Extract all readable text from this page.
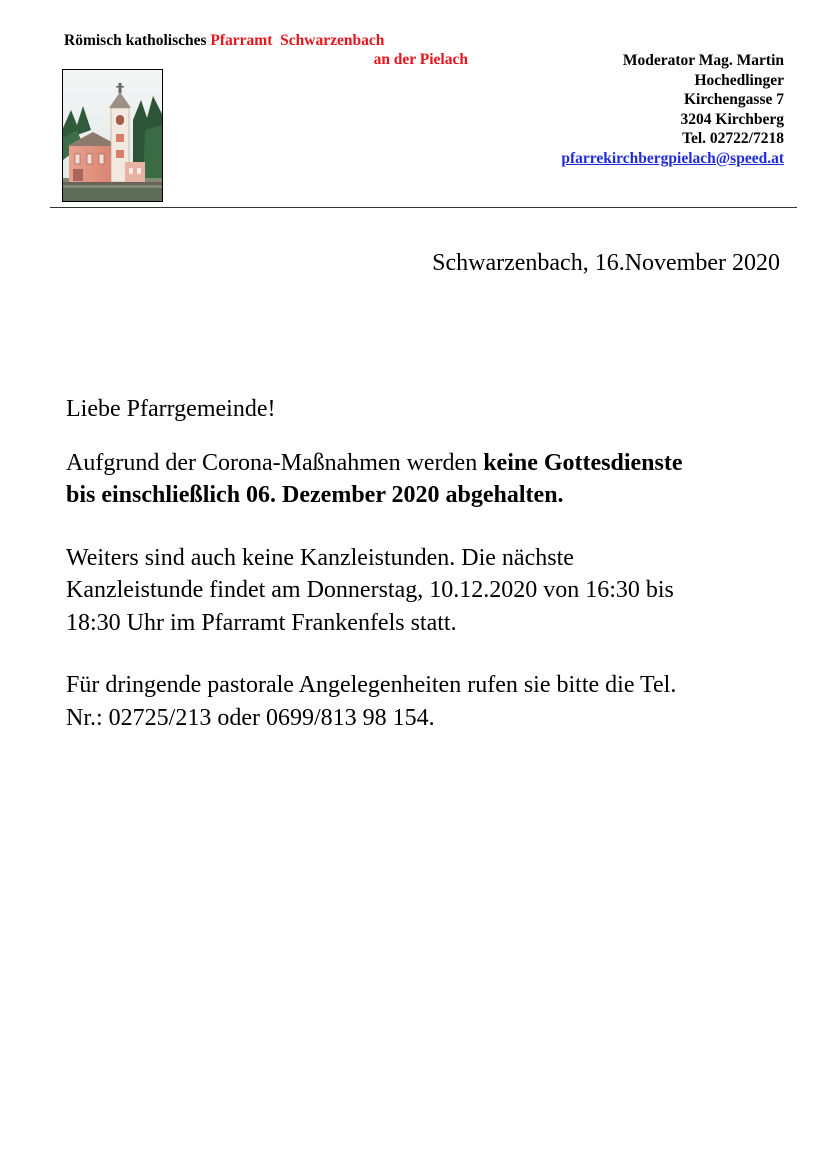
Römisch katholisches Pfarramt Schwarzenbach
an der Pielach	Moderator Mag. Martin
Hochedlinger
Kirchengasse 7
3204 Kirchberg
Tel. 02722/7218
pfarrekirchbergpielach@speed.at
Schwarzenbach, 16.November 2020

Liebe Pfarrgemeinde!

Aufgrund der Corona-Maßnahmen werden keine Gottesdienste
bis einschließlich 06. Dezember 2020 abgehalten.

Weiters sind auch keine Kanzleistunden. Die nächste
Kanzleistunde findet am Donnerstag, 10.12.2020 von 16:30 bis
18:30 Uhr im Pfarramt Frankenfels statt.

Für dringende pastorale Angelegenheiten rufen sie bitte die Tel.
Nr.: 02725/213 oder 0699/813 98 154.
